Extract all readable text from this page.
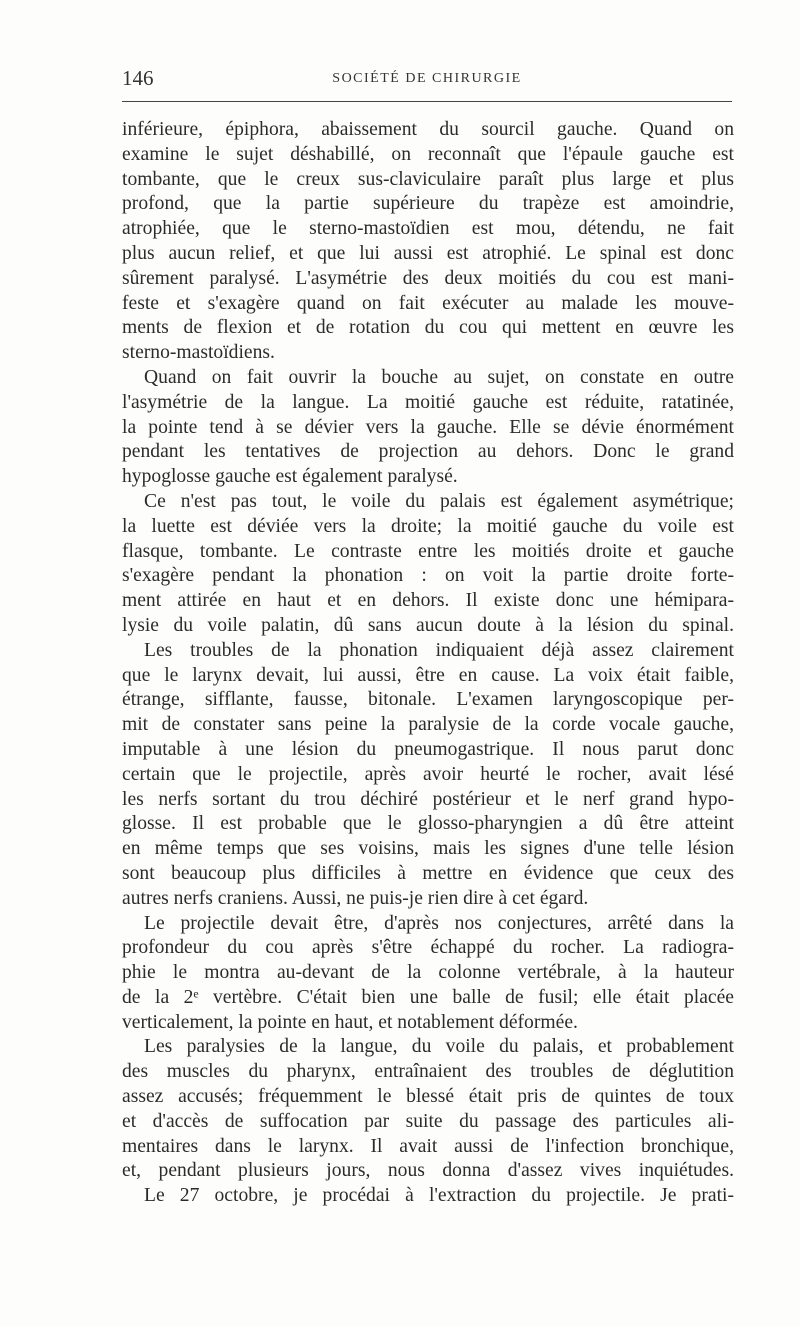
146	SOCIÉTÉ DE CHIRURGIE
inférieure, épiphora, abaissement du sourcil gauche. Quand on
examine le sujet déshabillé, on reconnaît que l'épaule gauche est
tombante, que le creux sus-claviculaire paraît plus large et plus
profond, que la partie supérieure du trapèze est amoindrie,
atrophiée, que le sterno-mastoïdien est mou, détendu, ne fait
plus aucun relief, et que lui aussi est atrophié. Le spinal est donc
sûrement paralysé. L'asymétrie des deux moitiés du cou est mani-
feste et s'exagère quand on fait exécuter au malade les mouve-
ments de flexion et de rotation du cou qui mettent en œuvre les
sterno-mastoïdiens.
Quand on fait ouvrir la bouche au sujet, on constate en outre
l'asymétrie de la langue. La moitié gauche est réduite, ratatinée,
la pointe tend à se dévier vers la gauche. Elle se dévie énormément
pendant les tentatives de projection au dehors. Donc le grand
hypoglosse gauche est également paralysé.
Ce n'est pas tout, le voile du palais est également asymétrique;
la luette est déviée vers la droite; la moitié gauche du voile est
flasque, tombante. Le contraste entre les moitiés droite et gauche
s'exagère pendant la phonation : on voit la partie droite forte-
ment attirée en haut et en dehors. Il existe donc une hémipara-
lysie du voile palatin, dû sans aucun doute à la lésion du spinal.
Les troubles de la phonation indiquaient déjà assez clairement
que le larynx devait, lui aussi, être en cause. La voix était faible,
étrange, sifflante, fausse, bitonale. L'examen laryngoscopique per-
mit de constater sans peine la paralysie de la corde vocale gauche,
imputable à une lésion du pneumogastrique. Il nous parut donc
certain que le projectile, après avoir heurté le rocher, avait lésé
les nerfs sortant du trou déchiré postérieur et le nerf grand hypo-
glosse. Il est probable que le glosso-pharyngien a dû être atteint
en même temps que ses voisins, mais les signes d'une telle lésion
sont beaucoup plus difficiles à mettre en évidence que ceux des
autres nerfs craniens. Aussi, ne puis-je rien dire à cet égard.
Le projectile devait être, d'après nos conjectures, arrêté dans la
profondeur du cou après s'être échappé du rocher. La radiogra-
phie le montra au-devant de la colonne vertébrale, à la hauteur
de la 2ᵉ vertèbre. C'était bien une balle de fusil; elle était placée
verticalement, la pointe en haut, et notablement déformée.
Les paralysies de la langue, du voile du palais, et probablement
des muscles du pharynx, entraînaient des troubles de déglutition
assez accusés; fréquemment le blessé était pris de quintes de toux
et d'accès de suffocation par suite du passage des particules ali-
mentaires dans le larynx. Il avait aussi de l'infection bronchique,
et, pendant plusieurs jours, nous donna d'assez vives inquiétudes.
Le 27 octobre, je procédai à l'extraction du projectile. Je prati-
